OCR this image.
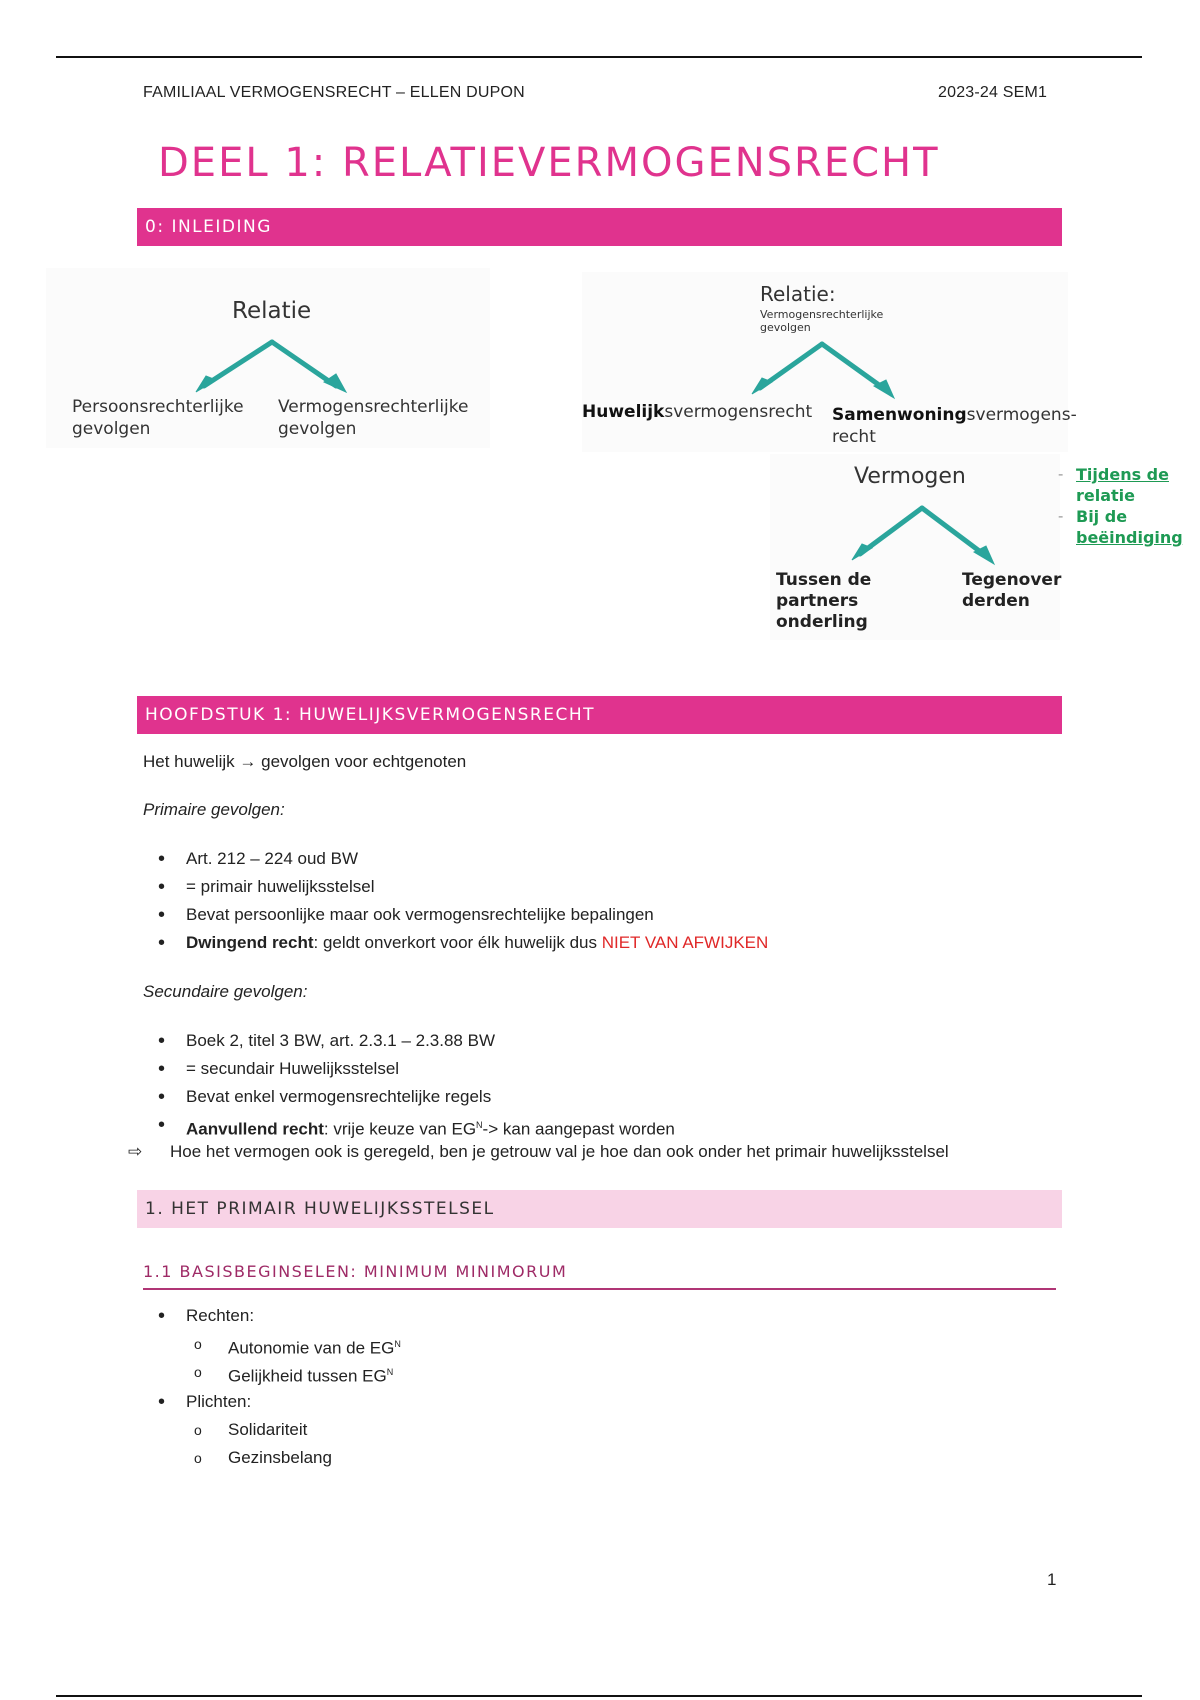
FAMILIAAL VERMOGENSRECHT – ELLEN DUPON	2023-24 SEM1
DEEL 1: RELATIEVERMOGENSRECHT
0: INLEIDING
Relatie
Persoonsrechterlijke
gevolgen
Vermogensrechterlijke
gevolgen
Relatie:
Vermogensrechterlijke
gevolgen
Huwelijksvermogensrecht Samenwoningsvermogens-
recht
Vermogen
Tussen de
partners
onderling
Tegenover
derden
- Tijdens de
relatie
- Bij de
beëindiging
HOOFDSTUK 1: HUWELIJKSVERMOGENSRECHT
Het huwelijk → gevolgen voor echtgenoten
Primaire gevolgen:
• Art. 212 – 224 oud BW
• = primair huwelijksstelsel
• Bevat persoonlijke maar ook vermogensrechtelijke bepalingen
• Dwingend recht: geldt onverkort voor élk huwelijk dus NIET VAN AFWIJKEN
Secundaire gevolgen:
• Boek 2, titel 3 BW, art. 2.3.1 – 2.3.88 BW
• = secundair Huwelijksstelsel
• Bevat enkel vermogensrechtelijke regels
• Aanvullend recht: vrije keuze van $EG^N->$ kan aangepast worden
⇨ Hoe het vermogen ook is geregeld, ben je getrouw val je hoe dan ook onder het primair huwelijksstelsel
1. HET PRIMAIR HUWELIJKSSTELSEL
1.1 BASISBEGINSELEN: MINIMUM MINIMORUM
• Rechten:
o Autonomie van de $EG^N$
o Gelijkheid tussen $EG^N$
• Plichten:
o Solidariteit
o Gezinsbelang
1
